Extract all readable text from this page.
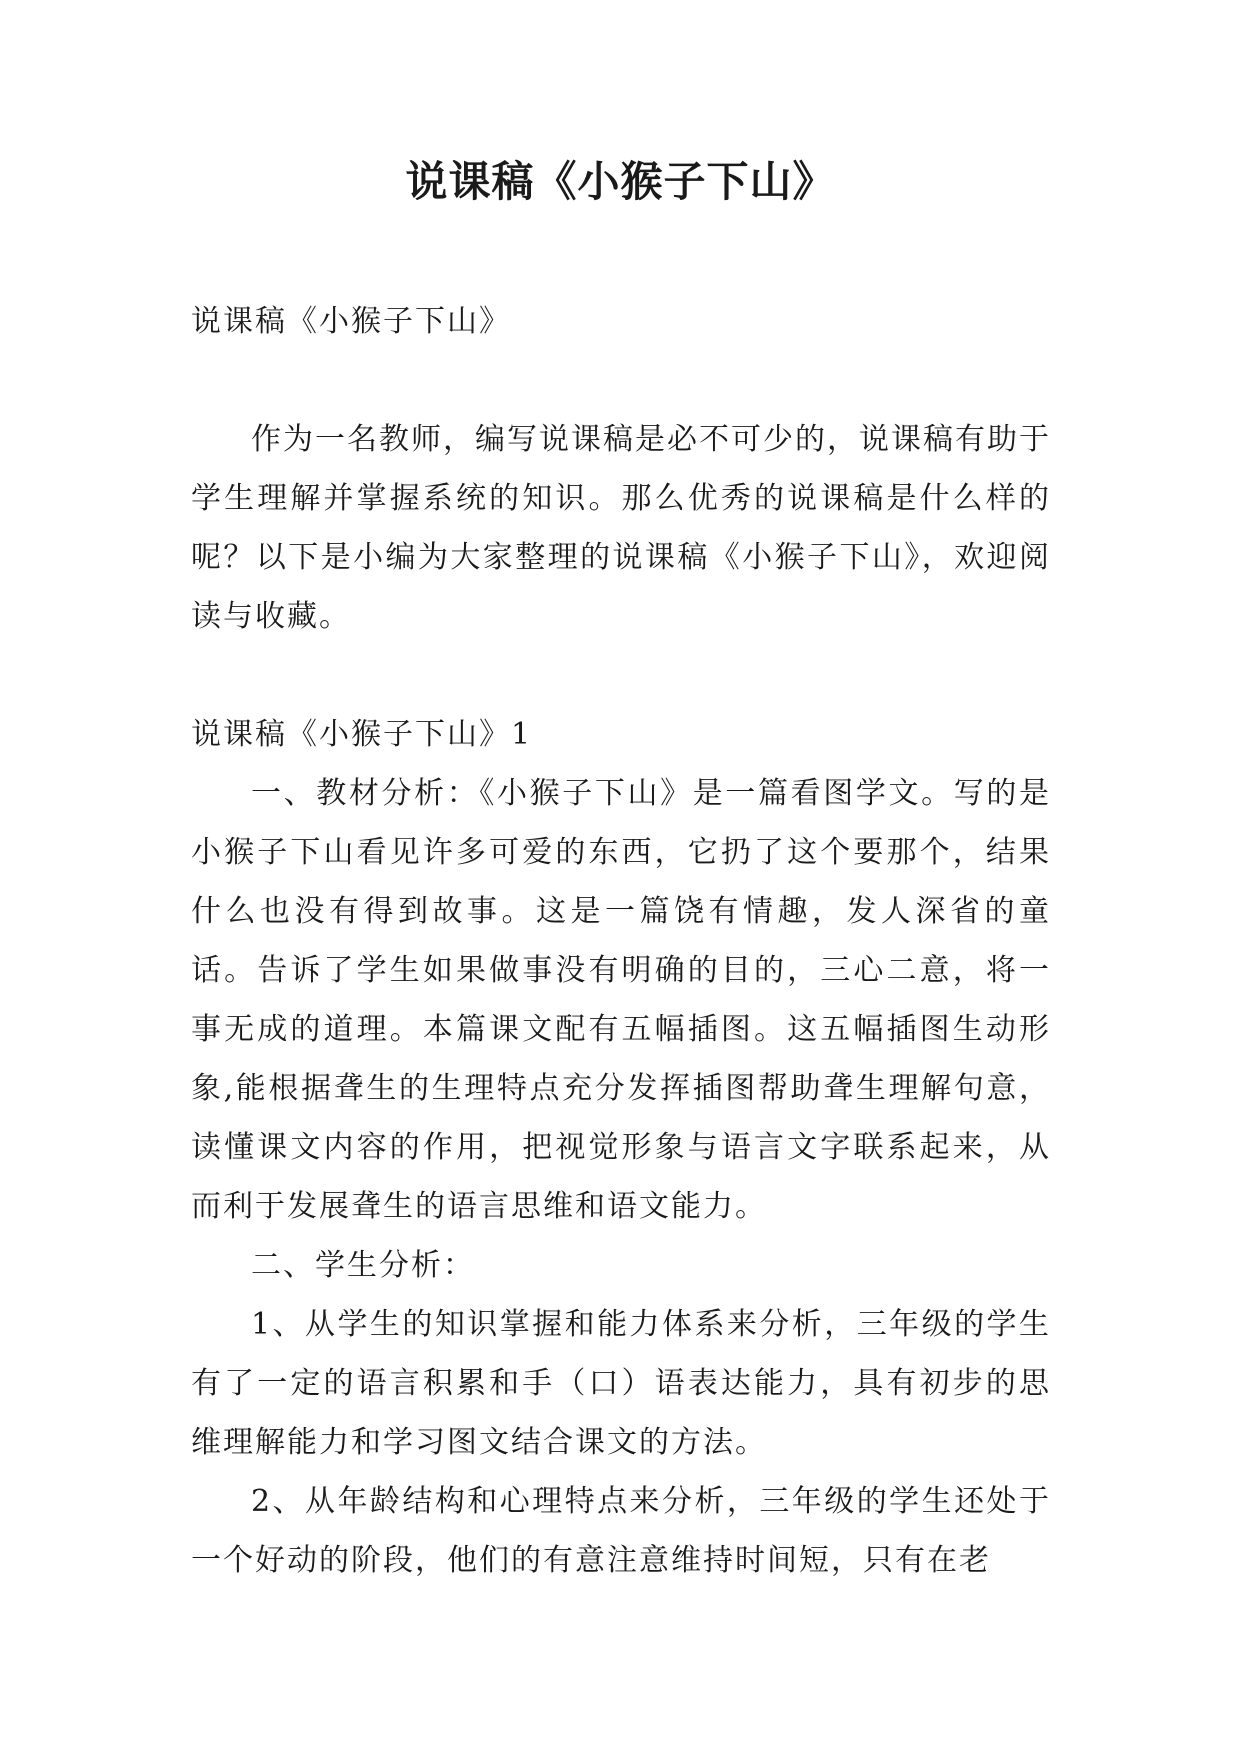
说课稿《小猴子下山》

说课稿《小猴子下山》

作为一名教师，编写说课稿是必不可少的，说课稿有助于学生理解并掌握系统的知识。那么优秀的说课稿是什么样的呢？以下是小编为大家整理的说课稿《小猴子下山》，欢迎阅读与收藏。

说课稿《小猴子下山》1

一、教材分析：《小猴子下山》是一篇看图学文。写的是小猴子下山看见许多可爱的东西，它扔了这个要那个，结果什么也没有得到故事。这是一篇饶有情趣，发人深省的童话。告诉了学生如果做事没有明确的目的，三心二意，将一事无成的道理。本篇课文配有五幅插图。这五幅插图生动形象,能根据聋生的生理特点充分发挥插图帮助聋生理解句意，读懂课文内容的作用，把视觉形象与语言文字联系起来，从而利于发展聋生的语言思维和语文能力。

二、学生分析：

1、从学生的知识掌握和能力体系来分析，三年级的学生有了一定的语言积累和手（口）语表达能力，具有初步的思维理解能力和学习图文结合课文的方法。

2、从年龄结构和心理特点来分析，三年级的学生还处于一个好动的阶段，他们的有意注意维持时间短，只有在老
